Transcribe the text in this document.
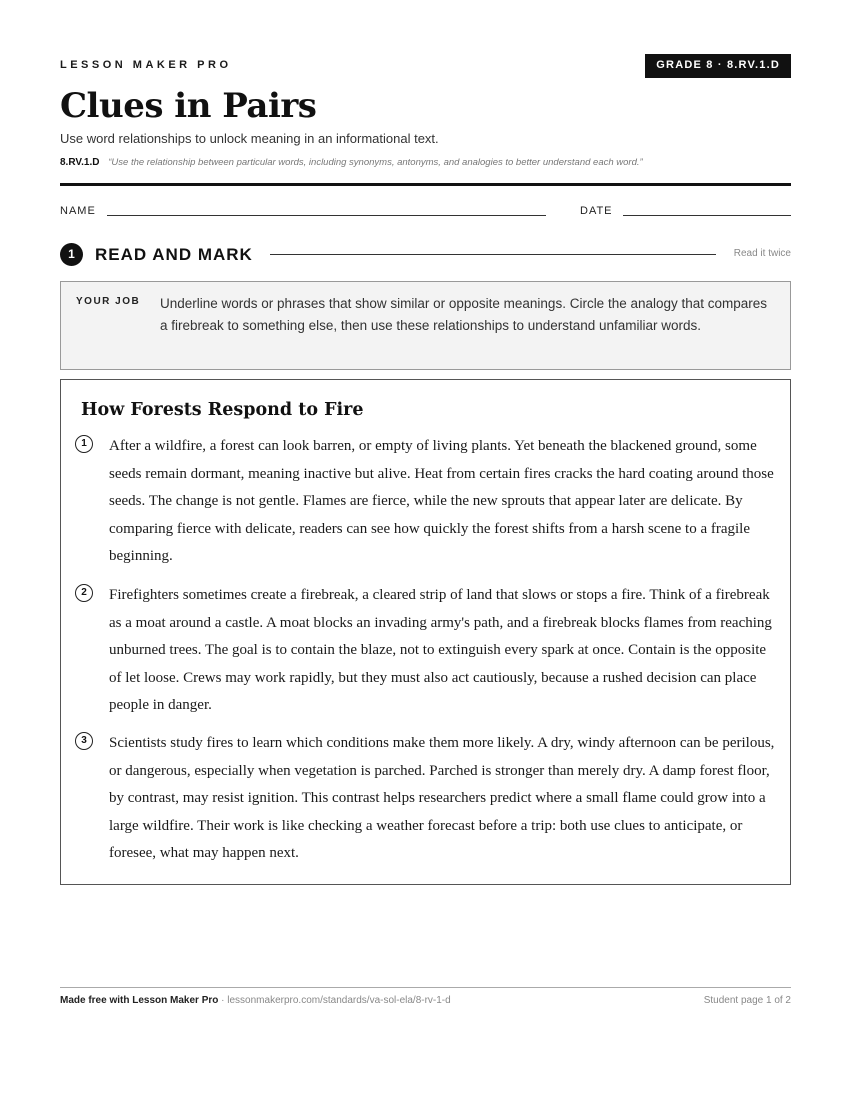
LESSON MAKER PRO	GRADE 8 · 8.RV.1.D
Clues in Pairs
Use word relationships to unlock meaning in an informational text.
8.RV.1.D “Use the relationship between particular words, including synonyms, antonyms, and analogies to better understand each word.”
NAME	DATE
1	READ AND MARK	Read it twice
YOUR JOB Underline words or phrases that show similar or opposite meanings. Circle the analogy that compares a firebreak to something else, then use these relationships to understand unfamiliar words.

How Forests Respond to Fire
1	After a wildfire, a forest can look barren, or empty of living plants. Yet beneath the blackened ground, some seeds remain dormant, meaning inactive but alive. Heat from certain fires cracks the hard coating around those seeds. The change is not gentle. Flames are fierce, while the new sprouts that appear later are delicate. By comparing fierce with delicate, readers can see how quickly the forest shifts from a harsh scene to a fragile beginning.

2	Firefighters sometimes create a firebreak, a cleared strip of land that slows or stops a fire. Think of a firebreak as a moat around a castle. A moat blocks an invading army's path, and a firebreak blocks flames from reaching unburned trees. The goal is to contain the blaze, not to extinguish every spark at once. Contain is the opposite of let loose. Crews may work rapidly, but they must also act cautiously, because a rushed decision can place people in danger.

3	Scientists study fires to learn which conditions make them more likely. A dry, windy afternoon can be perilous, or dangerous, especially when vegetation is parched. Parched is stronger than merely dry. A damp forest floor, by contrast, may resist ignition. This contrast helps researchers predict where a small flame could grow into a large wildfire. Their work is like checking a weather forecast before a trip: both use clues to anticipate, or foresee, what may happen next.

Made free with Lesson Maker Pro · lessonmakerpro.com/standards/va-sol-ela/8-rv-1-d	Student page 1 of 2
